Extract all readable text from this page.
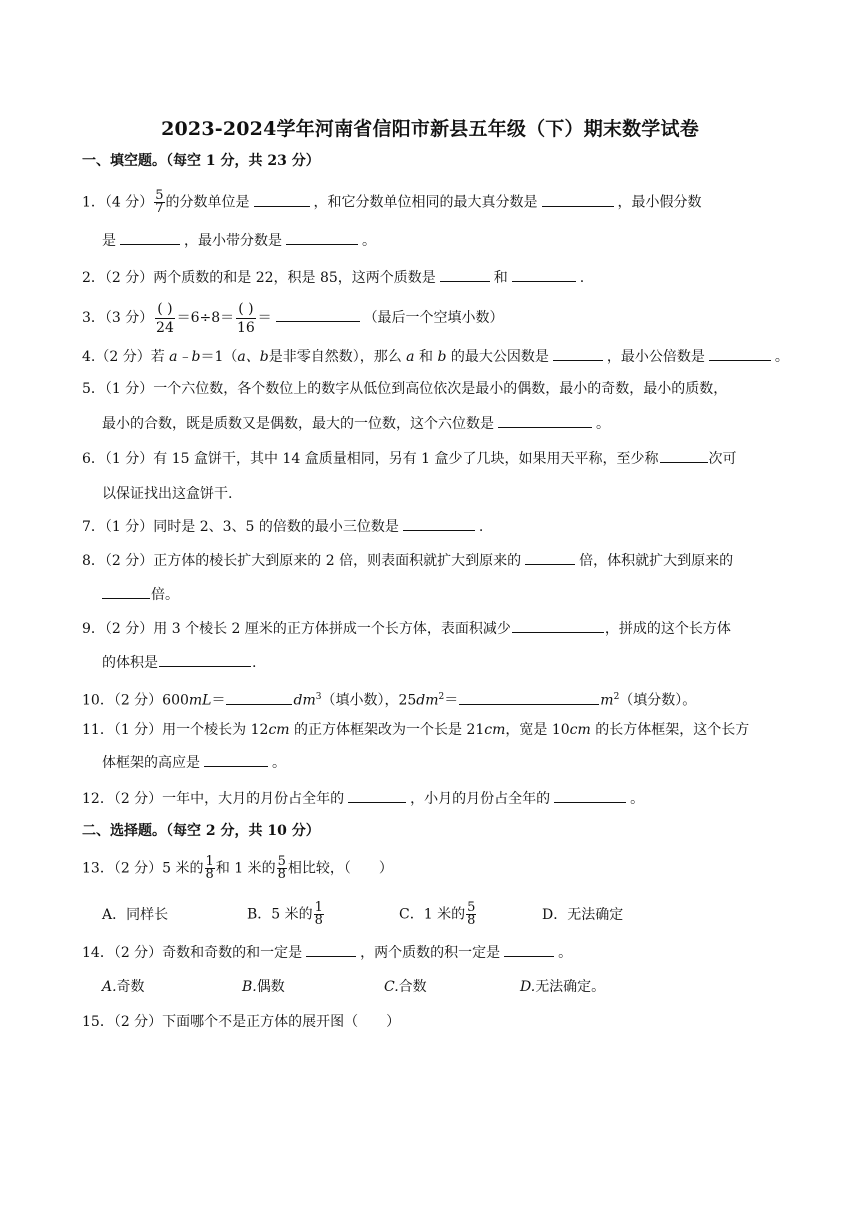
2023-2024学年河南省信阳市新县五年级（下）期末数学试卷
一、填空题。（每空 1 分，共 23 分）
1．（4 分） $\frac{5}{7}$ 的分数单位是	，和它分数单位相同的最大真分数是	，最小假分数
是	，最小带分数是	。
2．（2 分）两个质数的和是 22，积是 85，这两个质数是	和	.
3．（3 分）
( )
24
＝6÷8＝
( )
16
＝	（最后一个空填小数）
4.（2 分）若 a﹣b＝1（a、b是非零自然数），那么 a 和 b 的最大公因数是	，最小公倍数是	。
5．（1 分）一个六位数，各个数位上的数字从低位到高位依次是最小的偶数，最小的奇数，最小的质数，
最小的合数，既是质数又是偶数，最大的一位数，这个六位数是	。
6．（1 分）有 15 盒饼干，其中 14 盒质量相同，另有 1 盒少了几块，如果用天平称，至少称	次可
以保证找出这盒饼干.
7．（1 分）同时是 2、3、5 的倍数的最小三位数是	.
8．（2 分）正方体的棱长扩大到原来的 2 倍，则表面积就扩大到原来的	倍，体积就扩大到原来的
倍。
9．（2 分）用 3 个棱长 2 厘米的正方体拼成一个长方体，表面积减少	，拼成的这个长方体
的体积是	.
10．（2 分）600mL＝	$dm^3$（填小数），$25dm^2=$	$m^2$（填分数）。
11．（1 分）用一个棱长为 12cm 的正方体框架改为一个长是 21cm，宽是 10cm 的长方体框架，这个长方
体框架的高应是	。
12．（2 分）一年中，大月的月份占全年的	，小月的月份占全年的	。
二、选择题。（每空 2 分，共 10 分）
13．（2 分）5 米的 $\frac{1}{8}$ 和 1 米的 $\frac{5}{8}$ 相比较，（　　）
A．同样长	B．5 米的 $\frac{1}{8}$	C．1 米的 $\frac{5}{8}$	D．无法确定
14．（2 分）奇数和奇数的和一定是	，两个质数的积一定是	。
A.奇数	B.偶数	C.合数	D.无法确定。
15．（2 分）下面哪个不是正方体的展开图（　　）
